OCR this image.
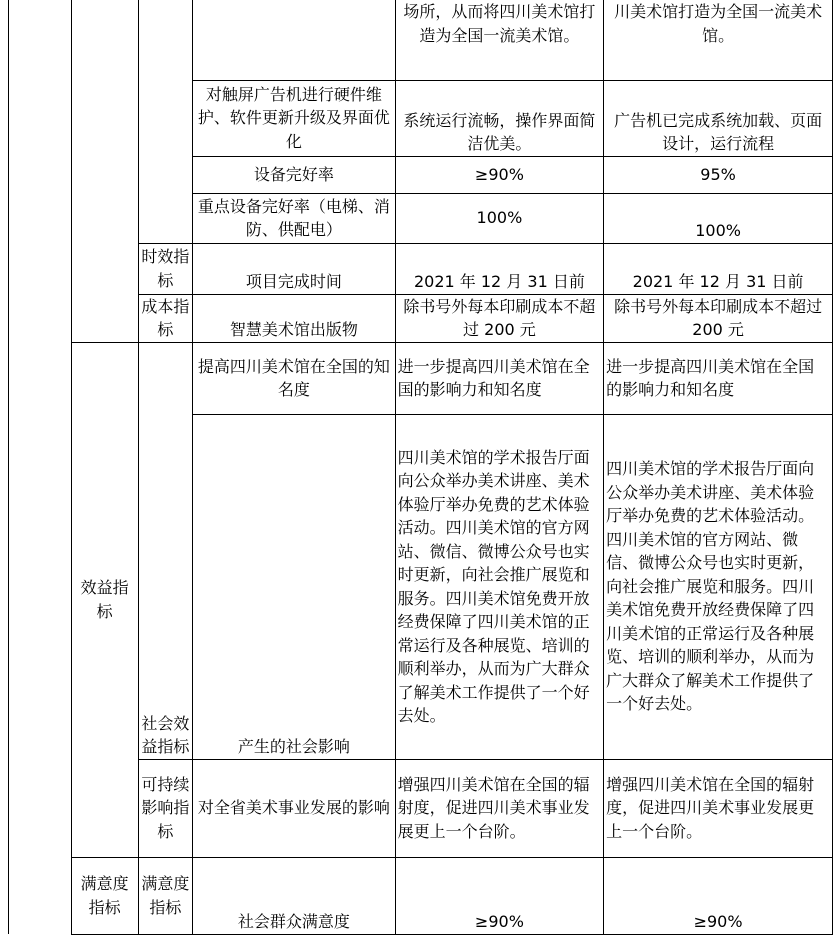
				场所，从而将四川美术馆打造为全国一流美术馆。	川美术馆打造为全国一流美术馆。
			对触屏广告机进行硬件维护、软件更新升级及界面优化	系统运行流畅，操作界面简洁优美。	广告机已完成系统加载、页面设计，运行流程
			设备完好率	≥90%	95%
			重点设备完好率（电梯、消防、供配电）	100%	100%
		时效指标	项目完成时间	2021 年 12 月 31 日前	2021 年 12 月 31 日前
		成本指标	智慧美术馆出版物	除书号外每本印刷成本不超过 200 元	除书号外每本印刷成本不超过 200 元
	效益指标	社会效益指标	提高四川美术馆在全国的知名度	进一步提高四川美术馆在全国的影响力和知名度	进一步提高四川美术馆在全国的影响力和知名度
			产生的社会影响	四川美术馆的学术报告厅面向公众举办美术讲座、美术体验厅举办免费的艺术体验活动。四川美术馆的官方网站、微信、微博公众号也实时更新，向社会推广展览和服务。四川美术馆免费开放经费保障了四川美术馆的正常运行及各种展览、培训的顺利举办，从而为广大群众了解美术工作提供了一个好去处。	四川美术馆的学术报告厅面向公众举办美术讲座、美术体验厅举办免费的艺术体验活动。四川美术馆的官方网站、微信、微博公众号也实时更新，向社会推广展览和服务。四川美术馆免费开放经费保障了四川美术馆的正常运行及各种展览、培训的顺利举办，从而为广大群众了解美术工作提供了一个好去处。
		可持续影响指标	对全省美术事业发展的影响	增强四川美术馆在全国的辐射度，促进四川美术事业发展更上一个台阶。	增强四川美术馆在全国的辐射度，促进四川美术事业发展更上一个台阶。
	满意度指标	满意度指标	社会群众满意度	≥90%	≥90%
